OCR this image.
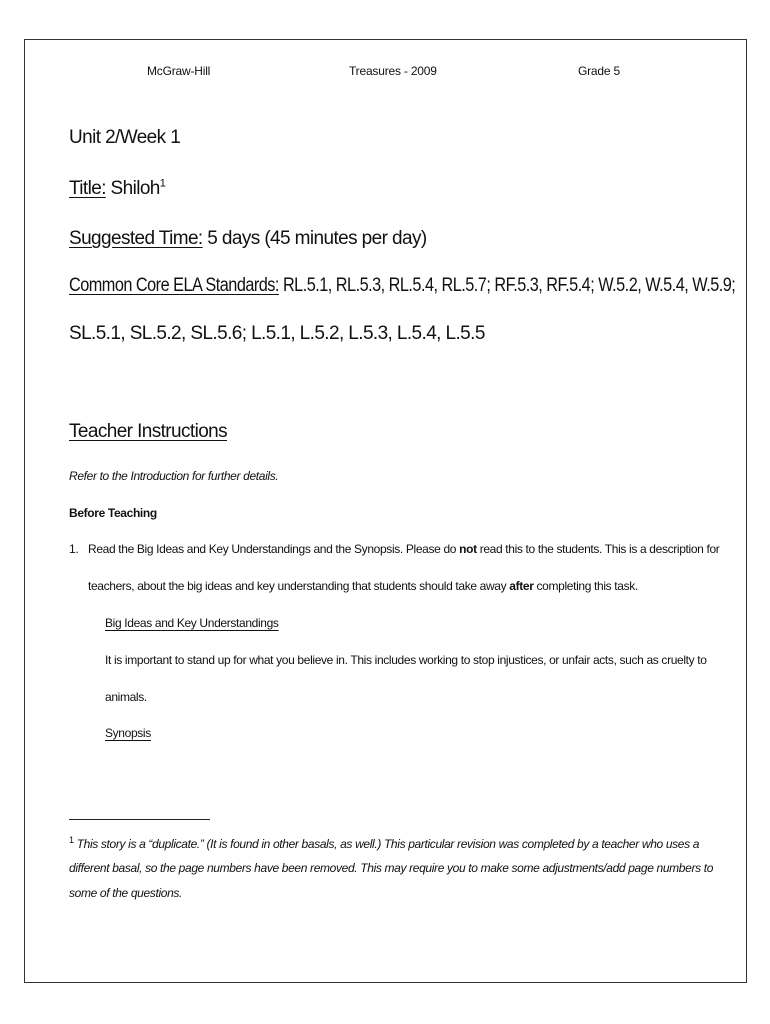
McGraw-Hill	Treasures - 2009	Grade 5
Unit 2/Week 1
Title: Shiloh$^1$
Suggested Time: 5 days (45 minutes per day)
Common Core ELA Standards: RL.5.1, RL.5.3, RL.5.4, RL.5.7; RF.5.3, RF.5.4; W.5.2, W.5.4, W.5.9;
SL.5.1, SL.5.2, SL.5.6; L.5.1, L.5.2, L.5.3, L.5.4, L.5.5
Teacher Instructions
Refer to the Introduction for further details.
Before Teaching
1. Read the Big Ideas and Key Understandings and the Synopsis. Please do not read this to the students. This is a description for
teachers, about the big ideas and key understanding that students should take away after completing this task.
Big Ideas and Key Understandings
It is important to stand up for what you believe in. This includes working to stop injustices, or unfair acts, such as cruelty to
animals.
Synopsis
$^1$ This story is a “duplicate.” (It is found in other basals, as well.) This particular revision was completed by a teacher who uses a
different basal, so the page numbers have been removed. This may require you to make some adjustments/add page numbers to
some of the questions.
